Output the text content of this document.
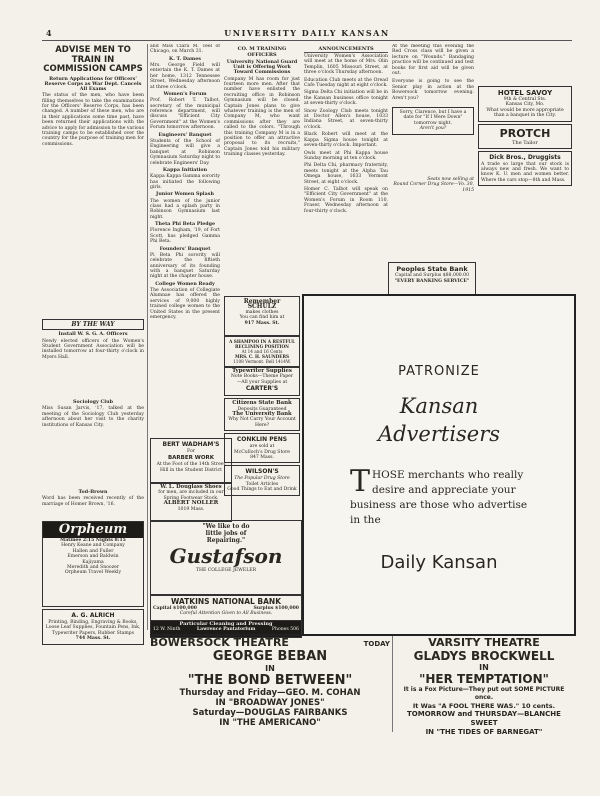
4	UNIVERSITY DAILY KANSAN
ADVISE MEN TO TRAIN IN COMMISSION CAMPS
Return Applications for Officers' Reserve Corps as War Dept. Cancels All Exams
The status of the men, who have been filling themselves to take the examinations for the Officers' Reserve Corps, has been changed. A number of these men, who are in their applications some time past, have been returned their applications with the advice to apply for admission to the various training camps to be established over the country for the purpose of training men for commissions.
BY THE WAY
Install W. S. G. A. Officers
Newly elected officers of the Women's Student Government Association will be installed tomorrow at four-thirty o'clock in Myers Hall.
Sociology Club
Miss Susan Jarvis, '17, talked at the meeting of the Sociology Club yesterday afternoon about her visit to the charity institutions of Kansas City.
Tod-Brown
Word has been received recently of the marriage of Homer Brown, '16.
Orpheum
Matinee 2:15 Nights 8:15
Henry Keane and Company
Hallen and Fuller
Emerson and Baldwin
Kajiyama
Meredith and Snoozer
Orpheum Travel Weekly
A. G. ALRICH
Printing, Binding, Engraving & Books, Loose Leaf Supplies, Fountain Pens, Ink, Typewriter Papers, Rubber Stamps
744 Mass. St.
and Miss Clara M. Teel of Chicago, on March 31.
K. T. Dames
Mrs. George Field will entertain the K. T. Dames at her home, 1312 Tennessee Street, Wednesday afternoon at three o'clock.
Women's Forum
Prof. Robert T. Talbot, secretary of the municipal reference department, will discuss "Efficient City Government" at the Women's Forum tomorrow afternoon.
Engineers' Banquet
Students of the School of Engineering will give a banquet at Robinson Gymnasium Saturday night to celebrate Engineers' Day.
Kappa Initiation
Kappa Kappa Gamma sorority has initiated the following girls.
Junior Women Splash
The women of the junior class had a splash party in Robinson Gymnasium last night.
Theta Phi Beta Pledge
Florence Ingham, '19, of Fort Scott, has pledged Gamma Phi Beta.
Founders' Banquet
Pi Beta Phi sorority will celebrate the fiftieth anniversary of its founding with a banquet Saturday night at the chapter house.
College Women Ready
The Association of Collegiate Alumnae has offered the services of 9,000 highly trained college women to the United States in the present emergency.
CO. M TRAINING OFFICERS
University National Guard Unit is Offering Work Toward Commissions
Company M has room for just fourteen more men. After that number have enlisted the recruiting office in Robinson Gymnasium will be closed. Captain Jones plans to give whatever training is the men of Company M, who want commissions after they are called to the colors. "Through this training Company M is in a position to offer an attractive proposal to its recruits," Captain Jones told his military training classes yesterday.
Remember
SCHULZ
makes clothes
You can find him at
917 Mass. St.
A SHAMPOO IN A RESTFUL RECLINING POSITION
At 14 and 16 Cents
MRS. C. H. SAUNDERS
1108 Vermont. Bell 1414W.
BERT WADHAM'S
For
BARBER WORK
At the Foot of the 14th Street Hill in the Student District
W. L. Douglass Shoes
for men, are included in our Spring Footwear Stock.
ALBERT NOLLER
1019 Mass.
ANNOUNCEMENTS
University Women's Association will meet at the home of Mrs. Olin Templin, 1605 Missouri Street, at three o'clock Thursday afternoon.
Education Club meets at the Oread Cafe Tuesday night at eight o'clock.
Sigma Delta Chi initiation will be in the Kansan business office tonight at seven-thirty o'clock.
Snow Zoology Club meets tonight at Doctor Allen's house, 1033 Indiana Street, at seven-thirty o'clock.
Black Robert will meet at the Kappa Sigma house tonight at seven-thirty o'clock. Important.
Owls meet at Phi Kappa house Sunday morning at ten o'clock.
Phi Delta Chi, pharmacy fraternity, meets tonight at the Alpha Tau Omega house, 1633 Vermont Street, at eight o'clock.
Homer C. Talbot will speak on "Efficient City Government" at the Women's Forum in Room 110, Fraser, Wednesday afternoon at four-thirty o'clock.
Typewriter Supplies
Note Books—Theme Paper
—All your Supplies at
CARTER'S
Citizens State Bank
Deposits Guaranteed
The University Bank
Why Not Carry Your Account Here?
CONKLIN PENS
are sold at
McCulloch's Drug Store
847 Mass.
WILSON'S
The Popular Drug Store
Toilet Articles
Good Things to Eat and Drink
At the meeting this evening the Red Cross class will be given a lecture on "Wounds." Bandaging practice will be continued and text books for first aid will be given out.
Everyone is going to see the Senior play in action at the Bowersock tomorrow evening. Aren't you?
Sorry, Clarence, but I have a date for "If I Were Down" tomorrow night.
Aren't you?
Seats now selling at
Round Corner Drug Store—Vo. 30, 1915
HOTEL SAVOY
9th & Central Sts.
Kansas City, Mo.
What would be more appropriate than a banquet in the City.
PROTCH
The Tailor
Dick Bros., Druggists
A trade so large that our stock is always new and fresh. We want to know K. U. men and women better. Where the cars stop—8th and Mass.
Peoples State Bank
Capital and Surplus $88,000.00
"EVERY BANKING SERVICE"
"We like to do
little jobs of
Repairing."
Gustafson
THE COLLEGE JEWELER
WATKINS NATIONAL BANK
Capital $100,000	Surplus $100,000
Careful Attention Given to All Business.
Particular Cleaning and Pressing
12 W. Ninth	Lawrence Pantatorium	Phones 506
PATRONIZE
Kansan
Advertisers
THOSE merchants who really desire and appreciate your business are those who advertise in the
Daily Kansan
BOWERSOCK THEATRE	TODAY
GEORGE BEBAN
IN
"THE BOND BETWEEN"
Thursday and Friday—GEO. M. COHAN
IN "BROADWAY JONES"
Saturday—DOUGLAS FAIRBANKS
IN "THE AMERICANO"
VARSITY THEATRE
GLADYS BROCKWELL
IN
"HER TEMPTATION"
It is a Fox Picture—They put out SOME PICTURE once.
It Was "A FOOL THERE WAS." 10 cents.
TOMORROW and THURSDAY—BLANCHE SWEET
IN "THE TIDES OF BARNEGAT"
